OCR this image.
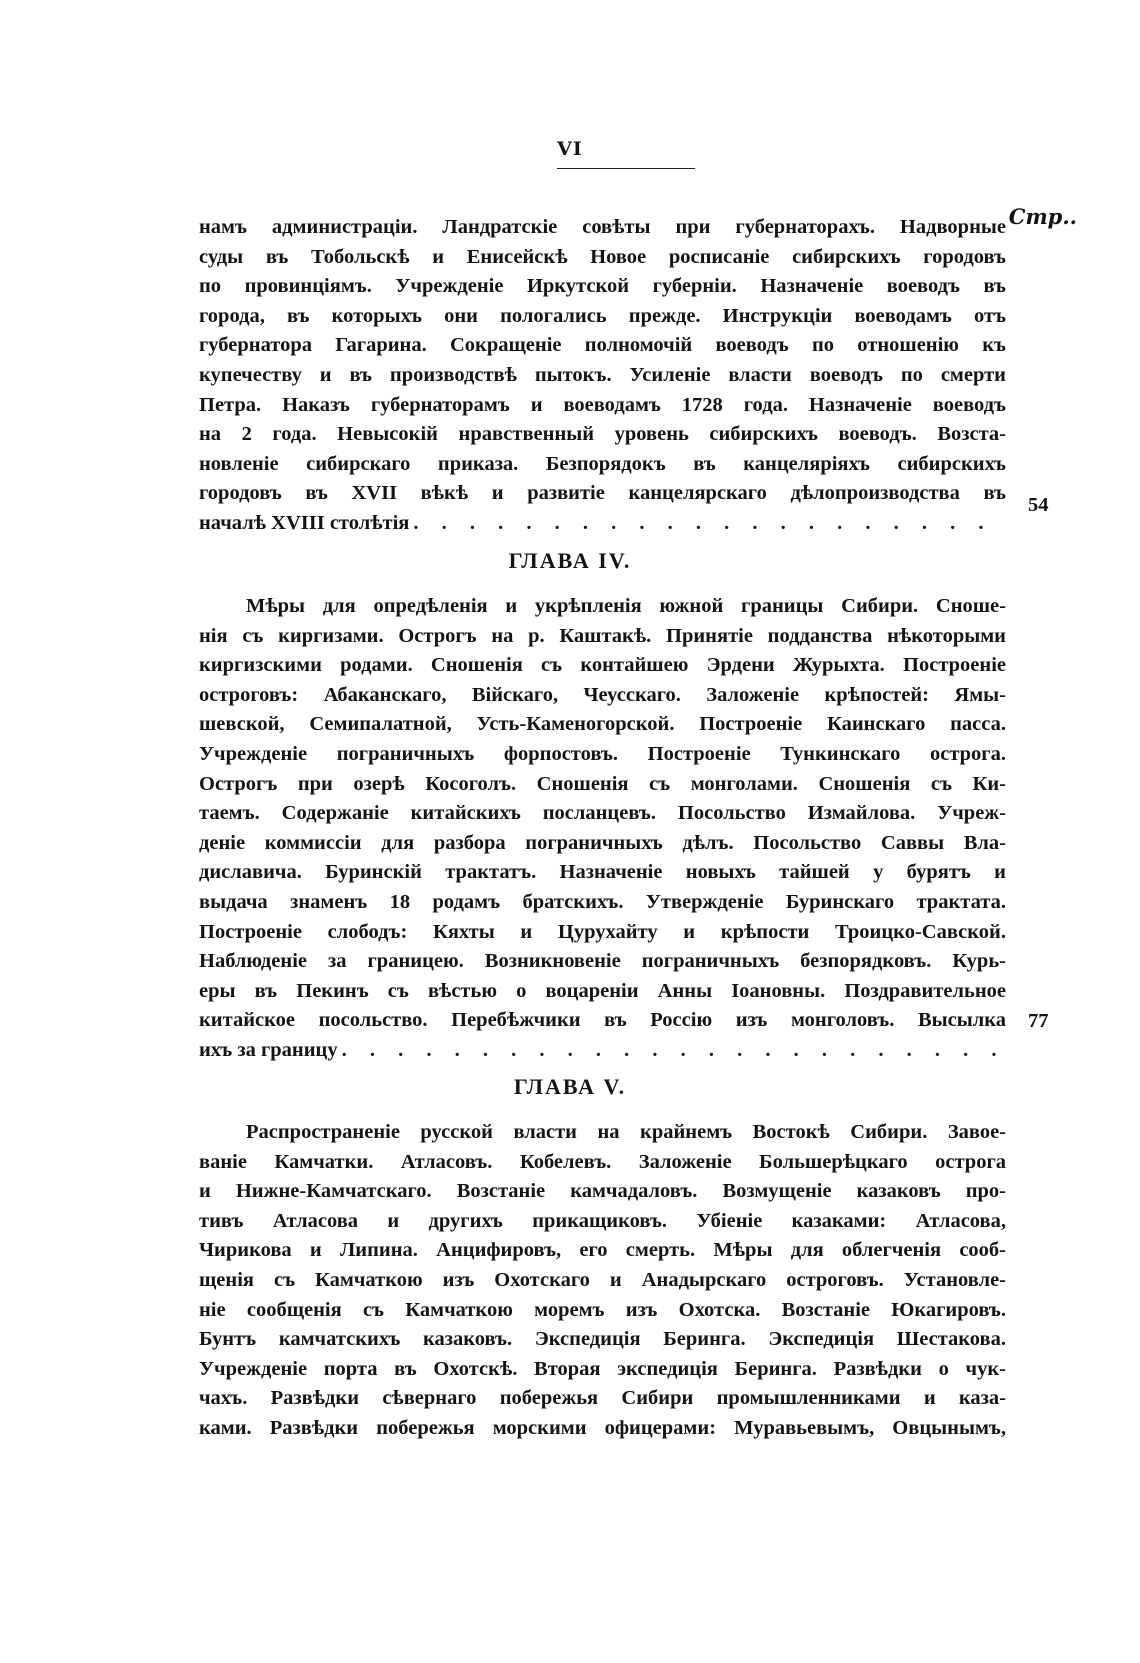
VI
Стр..
намъ администраціи. Ландратскіе совѣты при губернаторахъ. Надворные
суды въ Тобольскѣ и Енисейскѣ Новое росписаніе сибирскихъ городовъ
по провинціямъ. Учрежденіе Иркутской губерніи. Назначеніе воеводъ въ
города, въ которыхъ они пологались прежде. Инструкціи воеводамъ отъ
губернатора Гагарина. Сокращеніе полномочій воеводъ по отношенію къ
купечеству и въ производствѣ пытокъ. Усиленіе власти воеводъ по смерти
Петра. Наказъ губернаторамъ и воеводамъ 1728 года. Назначеніе воеводъ
на 2 года. Невысокій нравственный уровень сибирскихъ воеводъ. Возста-
новленіе сибирскаго приказа. Безпорядокъ въ канцеляріяхъ сибирскихъ
городовъ въ XVII вѣкѣ и развитіе канцелярскаго дѣлопроизводства въ
началѣ XVIII столѣтія
. . .
54
ГЛАВА IV.
Мѣры для опредѣленія и укрѣпленія южной границы Сибири. Сноше-
нія съ киргизами. Острогъ на р. Каштакѣ. Принятіе подданства нѣкоторыми
киргизскими родами. Сношенія съ контайшею Эрдени Журыхта. Построеніе
остроговъ: Абаканскаго, Війскаго, Чеусскаго. Заложеніе крѣпостей: Ямы-
шевской, Семипалатной, Усть-Каменогорской. Построеніе Каинскаго пасса.
Учрежденіе пограничныхъ форпостовъ. Построеніе Тункинскаго острога.
Острогъ при озерѣ Косоголъ. Сношенія съ монголами. Сношенія съ Ки-
таемъ. Содержаніе китайскихъ посланцевъ. Посольство Измайлова. Учреж-
деніе коммиссіи для разбора пограничныхъ дѣлъ. Посольство Саввы Вла-
диславича. Буринскій трактатъ. Назначеніе новыхъ тайшей у бурятъ и
выдача знаменъ 18 родамъ братскихъ. Утвержденіе Буринскаго трактата.
Построеніе слободъ: Кяхты и Цурухайту и крѣпости Троицко-Савской.
Наблюденіе за границею. Возникновеніе пограничныхъ безпорядковъ. Курь-
еры въ Пекинъ съ вѣстью о воцареніи Анны Іоановны. Поздравительное
китайское посольство. Перебѣжчики въ Россію изъ монголовъ. Высылка
ихъ за границу
. . .
77
ГЛАВА V.
Распространеніе русской власти на крайнемъ Востокѣ Сибири. Завое-
ваніе Камчатки. Атласовъ. Кобелевъ. Заложеніе Большерѣцкаго острога
и Нижне-Камчатскаго. Возстаніе камчадаловъ. Возмущеніе казаковъ про-
тивъ Атласова и другихъ прикащиковъ. Убіеніе казаками: Атласова,
Чирикова и Липина. Анцифировъ, его смерть. Мѣры для облегченія сооб-
щенія съ Камчаткою изъ Охотскаго и Анадырскаго остроговъ. Установле-
ніе сообщенія съ Камчаткою моремъ изъ Охотска. Возстаніе Юкагировъ.
Бунтъ камчатскихъ казаковъ. Экспедиція Беринга. Экспедиція Шестакова.
Учрежденіе порта въ Охотскѣ. Вторая экспедиція Беринга. Развѣдки о чук-
чахъ. Развѣдки сѣвернаго побережья Сибири промышленниками и каза-
ками. Развѣдки побережья морскими офицерами: Муравьевымъ, Овцынымъ,
